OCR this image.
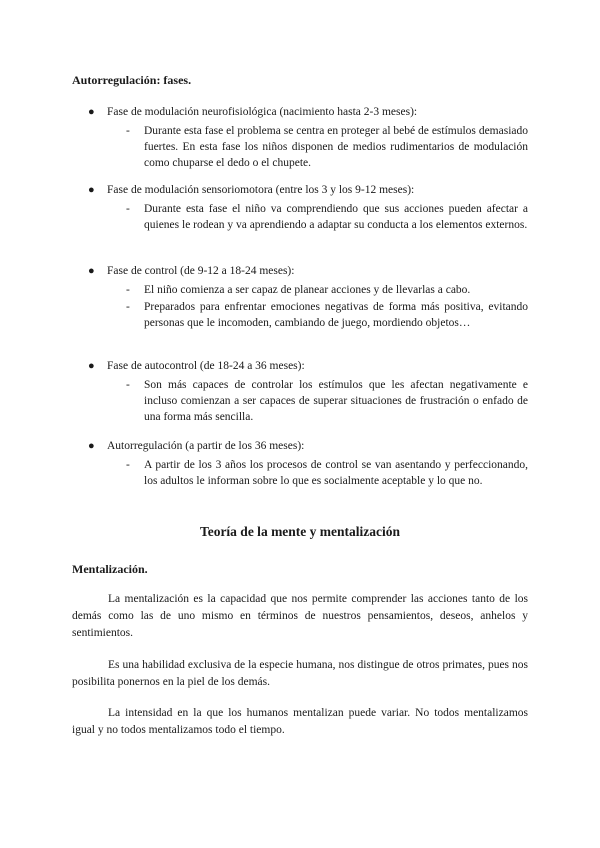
Autorregulación: fases.
● Fase de modulación neurofisiológica (nacimiento hasta 2-3 meses):
- Durante esta fase el problema se centra en proteger al bebé de estímulos demasiado fuertes. En esta fase los niños disponen de medios rudimentarios de modulación como chuparse el dedo o el chupete.
● Fase de modulación sensoriomotora (entre los 3 y los 9-12 meses):
- Durante esta fase el niño va comprendiendo que sus acciones pueden afectar a quienes le rodean y va aprendiendo a adaptar su conducta a los elementos externos.
● Fase de control (de 9-12 a 18-24 meses):
- El niño comienza a ser capaz de planear acciones y de llevarlas a cabo.
- Preparados para enfrentar emociones negativas de forma más positiva, evitando personas que le incomoden, cambiando de juego, mordiendo objetos…
● Fase de autocontrol (de 18-24 a 36 meses):
- Son más capaces de controlar los estímulos que les afectan negativamente e incluso comienzan a ser capaces de superar situaciones de frustración o enfado de una forma más sencilla.
● Autorregulación (a partir de los 36 meses):
- A partir de los 3 años los procesos de control se van asentando y perfeccionando, los adultos le informan sobre lo que es socialmente aceptable y lo que no.
Teoría de la mente y mentalización
Mentalización.
La mentalización es la capacidad que nos permite comprender las acciones tanto de los demás como las de uno mismo en términos de nuestros pensamientos, deseos, anhelos y sentimientos.
Es una habilidad exclusiva de la especie humana, nos distingue de otros primates, pues nos posibilita ponernos en la piel de los demás.
La intensidad en la que los humanos mentalizan puede variar. No todos mentalizamos igual y no todos mentalizamos todo el tiempo.
